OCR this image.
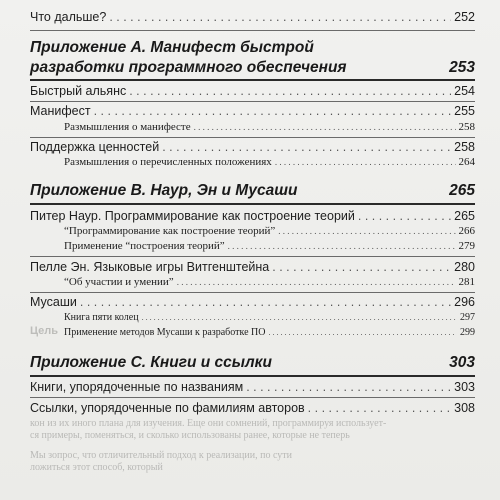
Цель
кон из их иного плана для изучения. Еще они сомнений, программируя использует-
ся примеры, поменяться, и сколько использованы ранее, которые не теперь
Мы зопрос, что отличительный подход к реализации, по сути
ложиться этот способ, который
Что дальше? . . .	252
Приложение А. Манифест быстрой
разработки программного обеспечения	253
Быстрый альянс . . .	254
Манифест . . .	255
Размышления о манифесте . . .	258
Поддержка ценностей . . .	258
Размышления о перечисленных положениях . . .	264
Приложение В. Наур, Эн и Мусаши	265
Питер Наур. Программирование как построение теорий . . .	265
“Программирование как построение теорий” . . .	266
Применение “построения теорий” . . .	279
Пелле Эн. Языковые игры Витгенштейна . . .	280
“Об участии и умении” . . .	281
Мусаши . . .	296
Книга пяти колец . . .	297
Применение методов Мусаши к разработке ПО . . .	299
Приложение С. Книги и ссылки	303
Книги, упорядоченные по названиям . . .	303
Ссылки, упорядоченные по фамилиям авторов . . .	308
